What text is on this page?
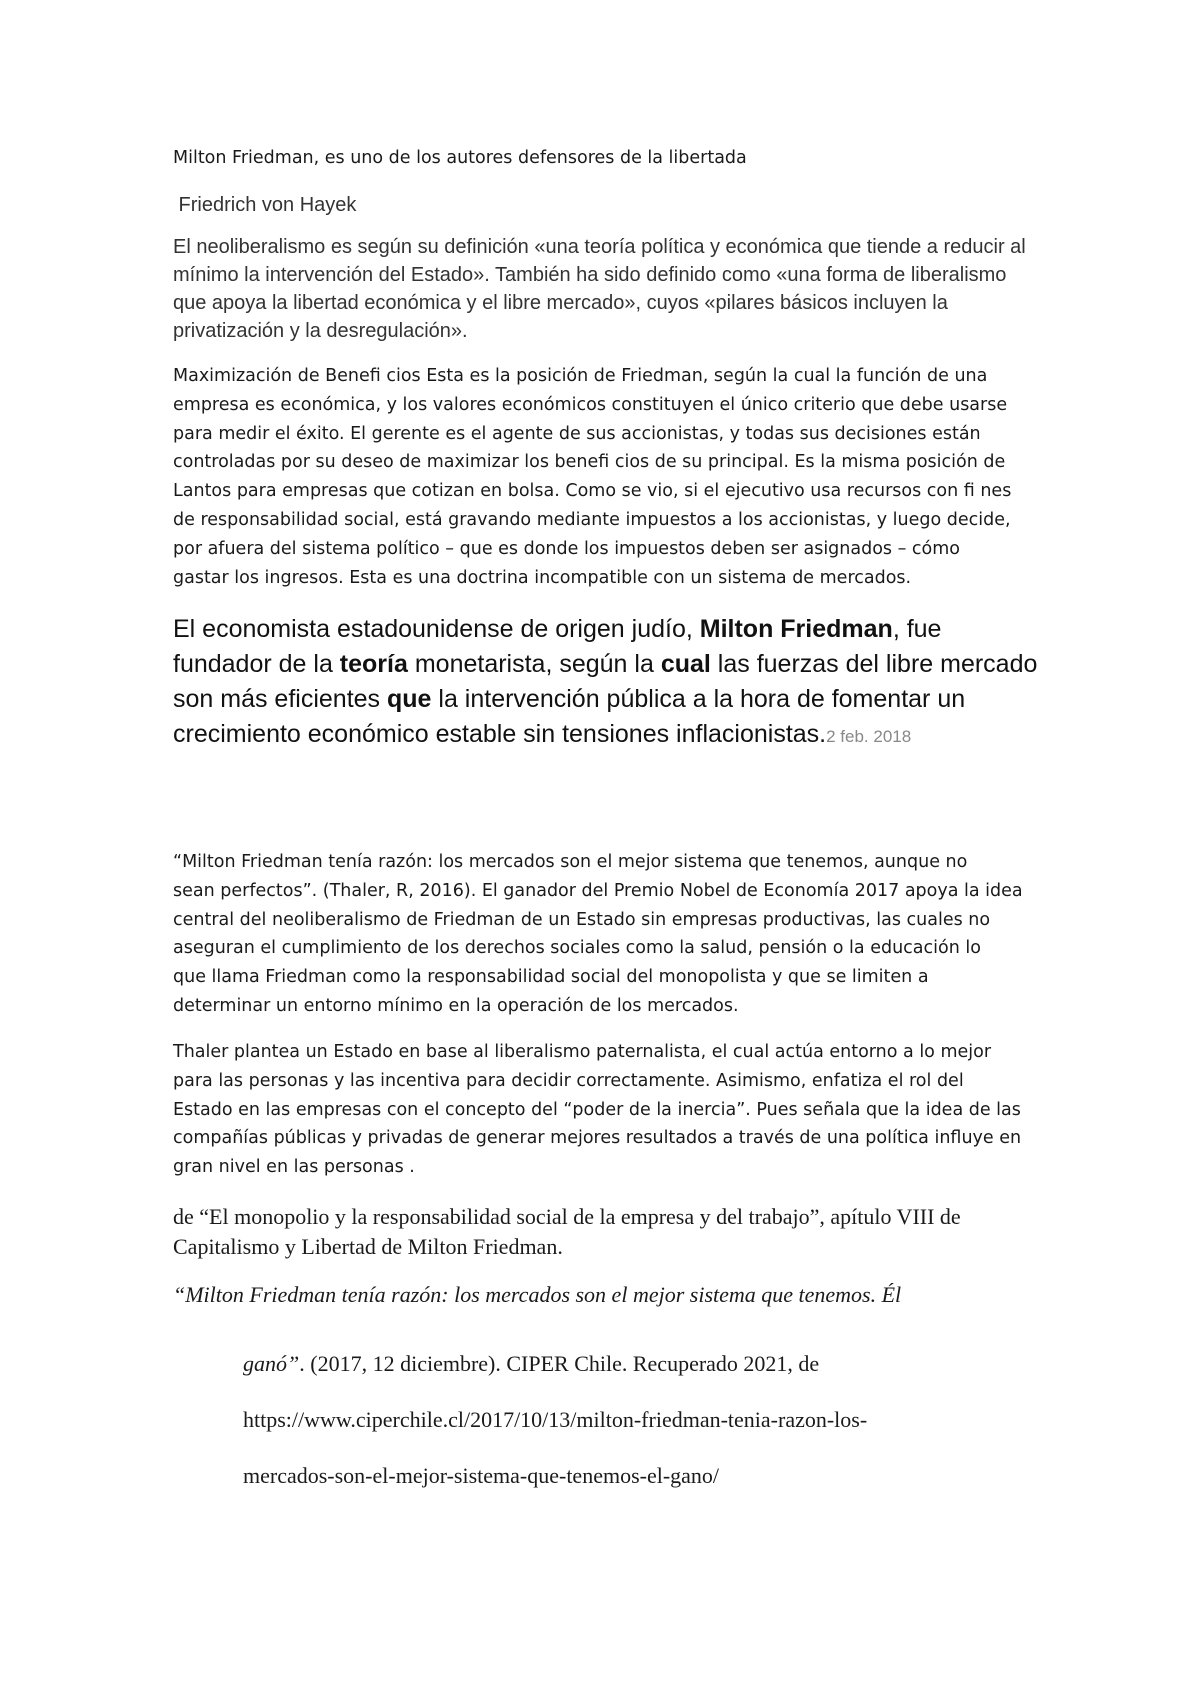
Milton Friedman, es uno de los autores defensores de la libertada
Friedrich von Hayek
El neoliberalismo es según su definición «una teoría política y económica que tiende a reducir al mínimo la intervención del Estado». También ha sido definido como «una forma de liberalismo que apoya la libertad económica y el libre mercado», cuyos «pilares básicos incluyen la privatización y la desregulación».
Maximización de Benefi cios Esta es la posición de Friedman, según la cual la función de una
empresa es económica, y los valores económicos constituyen el único criterio que debe usarse
para medir el éxito. El gerente es el agente de sus accionistas, y todas sus decisiones están
controladas por su deseo de maximizar los benefi cios de su principal. Es la misma posición de
Lantos para empresas que cotizan en bolsa. Como se vio, si el ejecutivo usa recursos con fi nes
de responsabilidad social, está gravando mediante impuestos a los accionistas, y luego decide,
por afuera del sistema político – que es donde los impuestos deben ser asignados – cómo
gastar los ingresos. Esta es una doctrina incompatible con un sistema de mercados.
El economista estadounidense de origen judío, Milton Friedman, fue fundador de la teoría monetarista, según la cual las fuerzas del libre mercado son más eficientes que la intervención pública a la hora de fomentar un crecimiento económico estable sin tensiones inflacionistas.2 feb. 2018
“Milton Friedman tenía razón: los mercados son el mejor sistema que tenemos, aunque no
sean perfectos”. (Thaler, R, 2016). El ganador del Premio Nobel de Economía 2017 apoya la idea
central del neoliberalismo de Friedman de un Estado sin empresas productivas, las cuales no
aseguran el cumplimiento de los derechos sociales como la salud, pensión o la educación lo
que llama Friedman como la responsabilidad social del monopolista y que se limiten a
determinar un entorno mínimo en la operación de los mercados.
Thaler plantea un Estado en base al liberalismo paternalista, el cual actúa entorno a lo mejor
para las personas y las incentiva para decidir correctamente. Asimismo, enfatiza el rol del
Estado en las empresas con el concepto del “poder de la inercia”. Pues señala que la idea de las
compañías públicas y privadas de generar mejores resultados a través de una política influye en
gran nivel en las personas .
de “El monopolio y la responsabilidad social de la empresa y del trabajo”, apítulo VIII de Capitalismo y Libertad de Milton Friedman.
“Milton Friedman tenía razón: los mercados son el mejor sistema que tenemos. Él
ganó”. (2017, 12 diciembre). CIPER Chile. Recuperado 2021, de
https://www.ciperchile.cl/2017/10/13/milton-friedman-tenia-razon-los-
mercados-son-el-mejor-sistema-que-tenemos-el-gano/
